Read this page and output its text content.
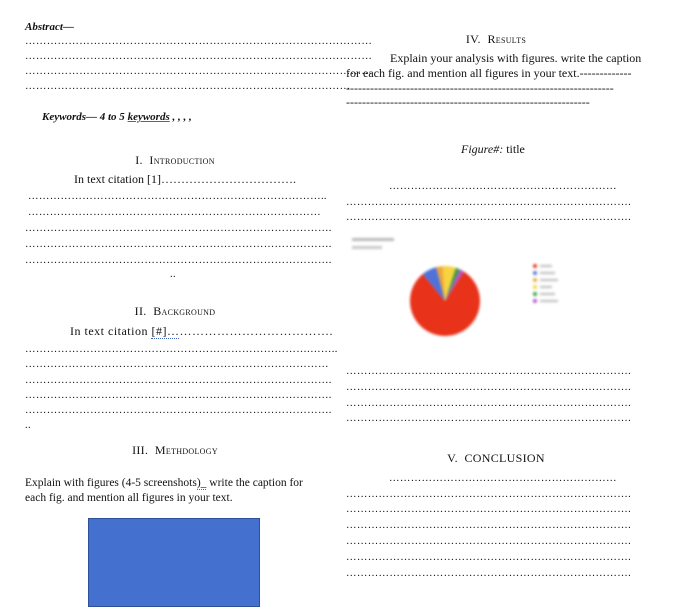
Abstract—
……………………………………………………………………………………
……………………………………………………………………………………
……………………………………………………………………………………
………………………………………………………………………………
Keywords— 4 to 5 keywords , , , ,
I. Introduction
In text citation [1]…………………………….
………………………………………………………………………..
………………………………………………………………………
………………………………………………………………………….
………………………………………………………………………….
………………………………………………………………………….
..
II. Background
In text citation [#]………………………………….
…………………………………………………………………….……..
…………………………………………………………………………
………………………………………………………………………….
………………………………………………………………………….
………………………………………………………………………….
..
III. Methdology
Explain with figures (4-5 screenshots)_ write the caption for
each fig. and mention all figures in your text.
IV. Results
Explain your analysis with figures. write the caption
for each fig. and mention all figures in your text.-------------
-------------------------------------------------------------------
-------------------------------------------------------------
Figure#: title
………………………………………………………
…………………………………………………………………….
…………………………………………………………………….
…………………………………………………………………….
…………………………………………………………………….
…………………………………………………………………….
…………………………………………………………………….
V. CONCLUSION
………………………………………………………
…………………………………………………………………….
…………………………………………………………………….
…………………………………………………………………….
…………………………………………………………………….
…………………………………………………………………….
…………………………………………………………………….
